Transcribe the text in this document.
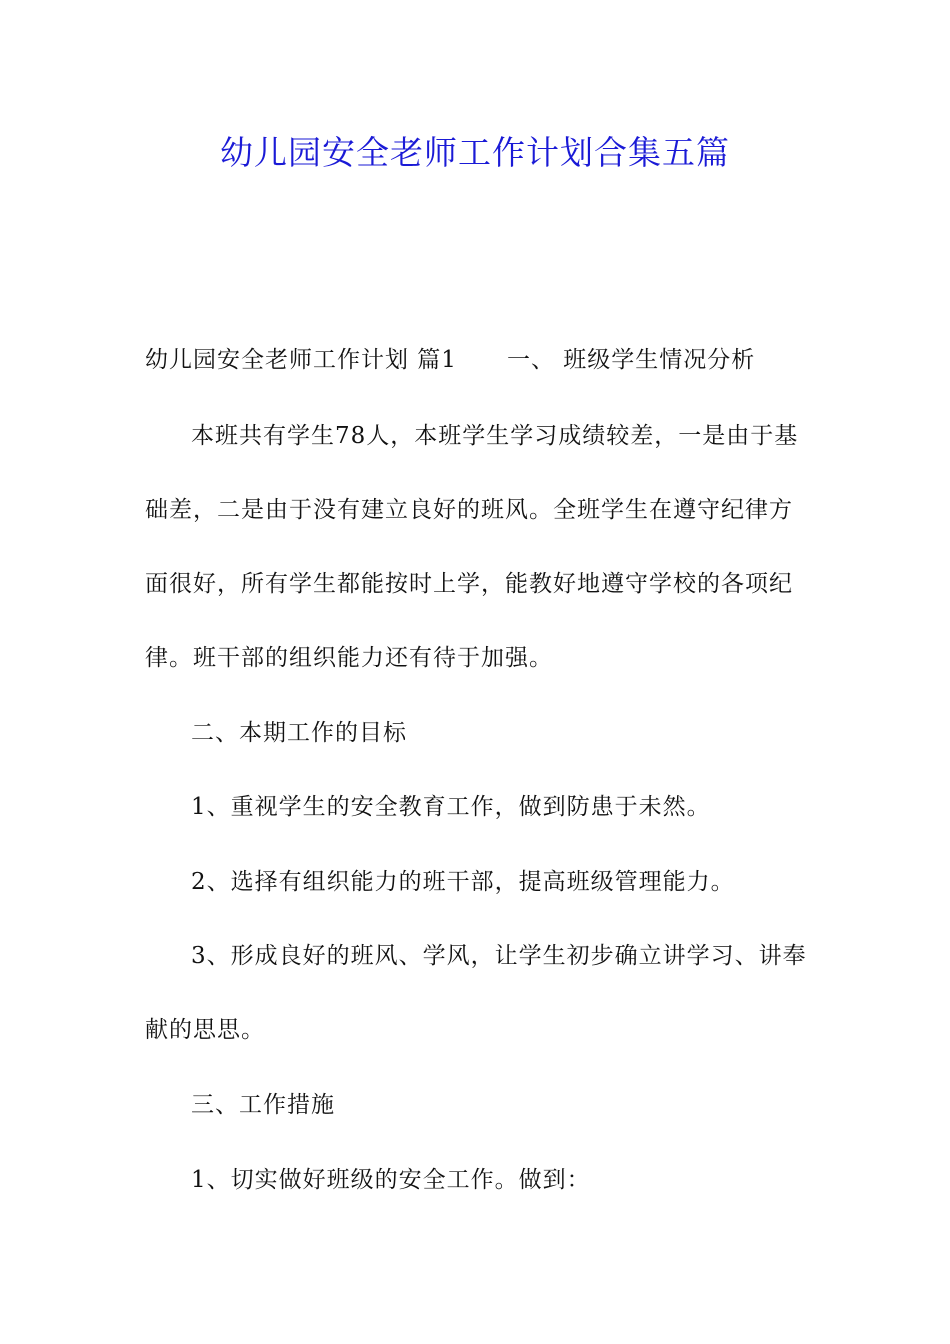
幼儿园安全老师工作计划合集五篇
幼儿园安全老师工作计划 篇1 一、 班级学生情况分析
本班共有学生78人，本班学生学习成绩较差，一是由于基
础差，二是由于没有建立良好的班风。全班学生在遵守纪律方
面很好，所有学生都能按时上学，能教好地遵守学校的各项纪
律。班干部的组织能力还有待于加强。
二、本期工作的目标
1、重视学生的安全教育工作，做到防患于未然。
2、选择有组织能力的班干部，提高班级管理能力。
3、形成良好的班风、学风，让学生初步确立讲学习、讲奉
献的思思。
三、工作措施
1、切实做好班级的安全工作。做到：
